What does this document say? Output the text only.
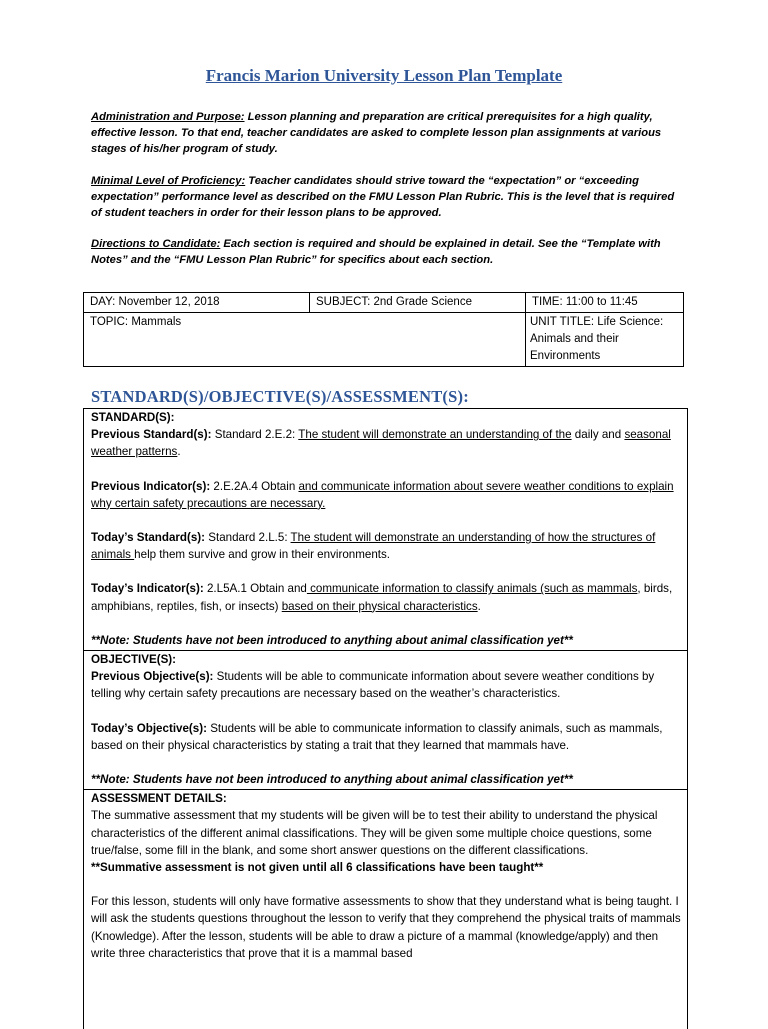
Francis Marion University Lesson Plan Template
Administration and Purpose: Lesson planning and preparation are critical prerequisites for a high quality, effective lesson. To that end, teacher candidates are asked to complete lesson plan assignments at various stages of his/her program of study.
Minimal Level of Proficiency: Teacher candidates should strive toward the “expectation” or “exceeding expectation” performance level as described on the FMU Lesson Plan Rubric. This is the level that is required of student teachers in order for their lesson plans to be approved.
Directions to Candidate: Each section is required and should be explained in detail. See the “Template with Notes” and the “FMU Lesson Plan Rubric” for specifics about each section.
DAY: November 12, 2018	SUBJECT: 2nd Grade Science	TIME: 11:00 to 11:45
TOPIC: Mammals		UNIT TITLE: Life Science: Animals and their Environments
STANDARD(S)/OBJECTIVE(S)/ASSESSMENT(S):

STANDARD(S):

Previous Standard(s): Standard 2.E.2: The student will demonstrate an understanding of the daily and seasonal weather patterns.

Previous Indicator(s): 2.E.2A.4 Obtain and communicate information about severe weather conditions to explain why certain safety precautions are necessary.

Today’s Standard(s): Standard 2.L.5: The student will demonstrate an understanding of how the structures of animals help them survive and grow in their environments.

Today’s Indicator(s): 2.L5A.1 Obtain and communicate information to classify animals (such as mammals, birds, amphibians, reptiles, fish, or insects) based on their physical characteristics.

**Note: Students have not been introduced to anything about animal classification yet**

OBJECTIVE(S):

Previous Objective(s): Students will be able to communicate information about severe weather conditions by telling why certain safety precautions are necessary based on the weather’s characteristics.

Today’s Objective(s): Students will be able to communicate information to classify animals, such as mammals, based on their physical characteristics by stating a trait that they learned that mammals have.

**Note: Students have not been introduced to anything about animal classification yet**

ASSESSMENT DETAILS:

The summative assessment that my students will be given will be to test their ability to understand the physical characteristics of the different animal classifications. They will be given some multiple choice questions, some true/false, some fill in the blank, and some short answer questions on the different classifications.

**Summative assessment is not given until all 6 classifications have been taught**

For this lesson, students will only have formative assessments to show that they understand what is being taught. I will ask the students questions throughout the lesson to verify that they comprehend the physical traits of mammals (Knowledge). After the lesson, students will be able to draw a picture of a mammal (knowledge/apply) and then write three characteristics that prove that it is a mammal based
